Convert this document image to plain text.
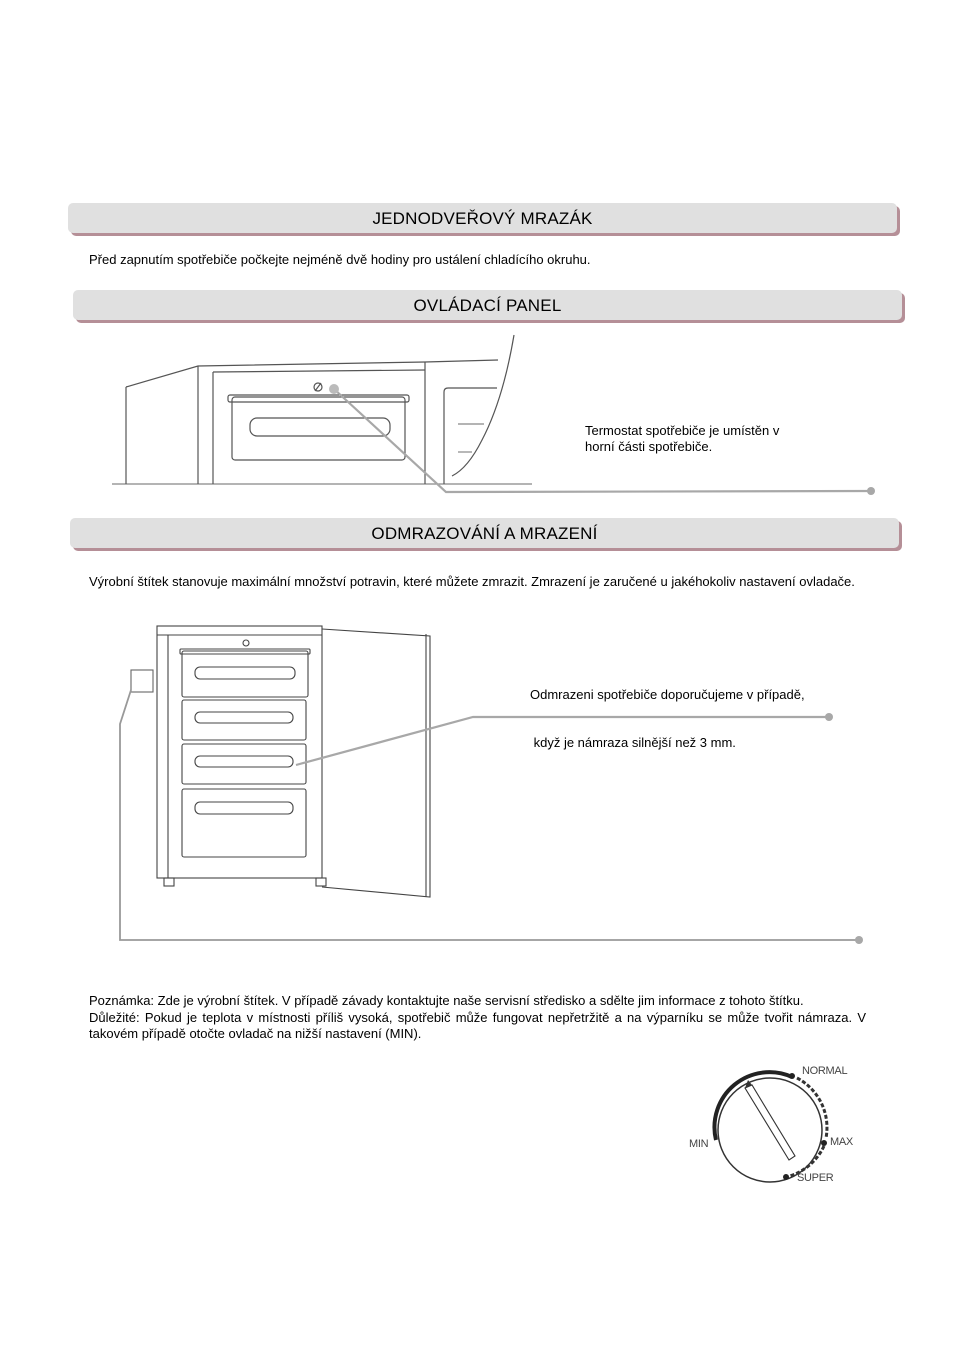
JEDNODVEŘOVÝ MRAZÁK
Před zapnutím spotřebiče počkejte nejméně dvě hodiny pro ustálení chladícího okruhu.
OVLÁDACÍ PANEL
ODMRAZOVÁNÍ A MRAZENÍ
Termostat spotřebiče je umístěn v
horní části spotřebiče.
Výrobní štítek stanovuje maximální množství potravin, které můžete zmrazit. Zmrazení je zaručené u jakéhokoliv nastavení ovladače.

Odmrazeni spotřebiče doporučujeme v případě,

když je námraza silnější než 3 mm.

Poznámka: Zde je výrobní štítek. V případě závady kontaktujte naše servisní středisko a sdělte jim informace z tohoto štítku.
Důležité: Pokud je teplota v místnosti příliš vysoká, spotřebič může fungovat nepřetržitě a na výparníku se může tvořit námraza. V takovém případě otočte ovladač na nižší nastavení (MIN).
MIN
NORMAL
MAX
SUPER
